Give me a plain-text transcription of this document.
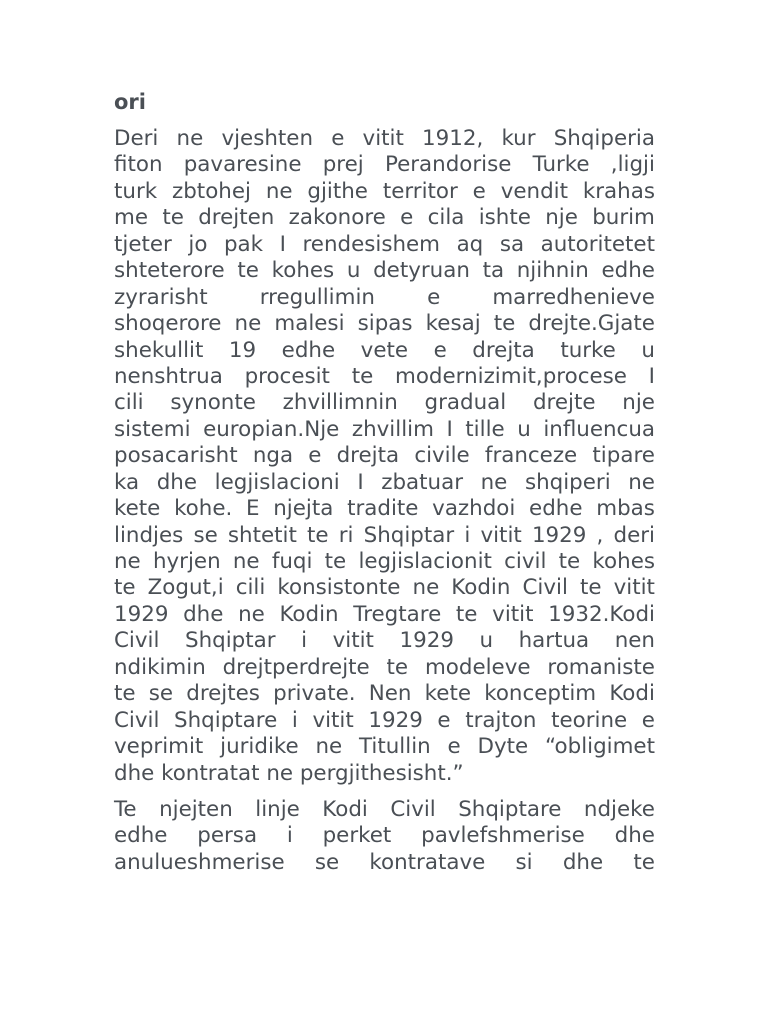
ori
Deri ne vjeshten e vitit 1912, kur Shqiperia
fiton pavaresine prej Perandorise Turke ,ligji
turk zbtohej ne gjithe territor e vendit krahas
me te drejten zakonore e cila ishte nje burim
tjeter jo pak I rendesishem aq sa autoritetet
shteterore te kohes u detyruan ta njihnin edhe
zyrarisht rregullimin e marredhenieve
shoqerore ne malesi sipas kesaj te drejte.Gjate
shekullit 19 edhe vete e drejta turke u
nenshtrua procesit te modernizimit,procese I
cili synonte zhvillimnin gradual drejte nje
sistemi europian.Nje zhvillim I tille u influencua
posacarisht nga e drejta civile franceze tipare
ka dhe legjislacioni I zbatuar ne shqiperi ne
kete kohe. E njejta tradite vazhdoi edhe mbas
lindjes se shtetit te ri Shqiptar i vitit 1929 , deri
ne hyrjen ne fuqi te legjislacionit civil te kohes
te Zogut,i cili konsistonte ne Kodin Civil te vitit
1929 dhe ne Kodin Tregtare te vitit 1932.Kodi
Civil Shqiptar i vitit 1929 u hartua nen
ndikimin drejtperdrejte te modeleve romaniste
te se drejtes private. Nen kete konceptim Kodi
Civil Shqiptare i vitit 1929 e trajton teorine e
veprimit juridike ne Titullin e Dyte “obligimet
dhe kontratat ne pergjithesisht.”
Te njejten linje Kodi Civil Shqiptare ndjeke
edhe persa i perket pavlefshmerise dhe
anulueshmerise se kontratave si dhe te
